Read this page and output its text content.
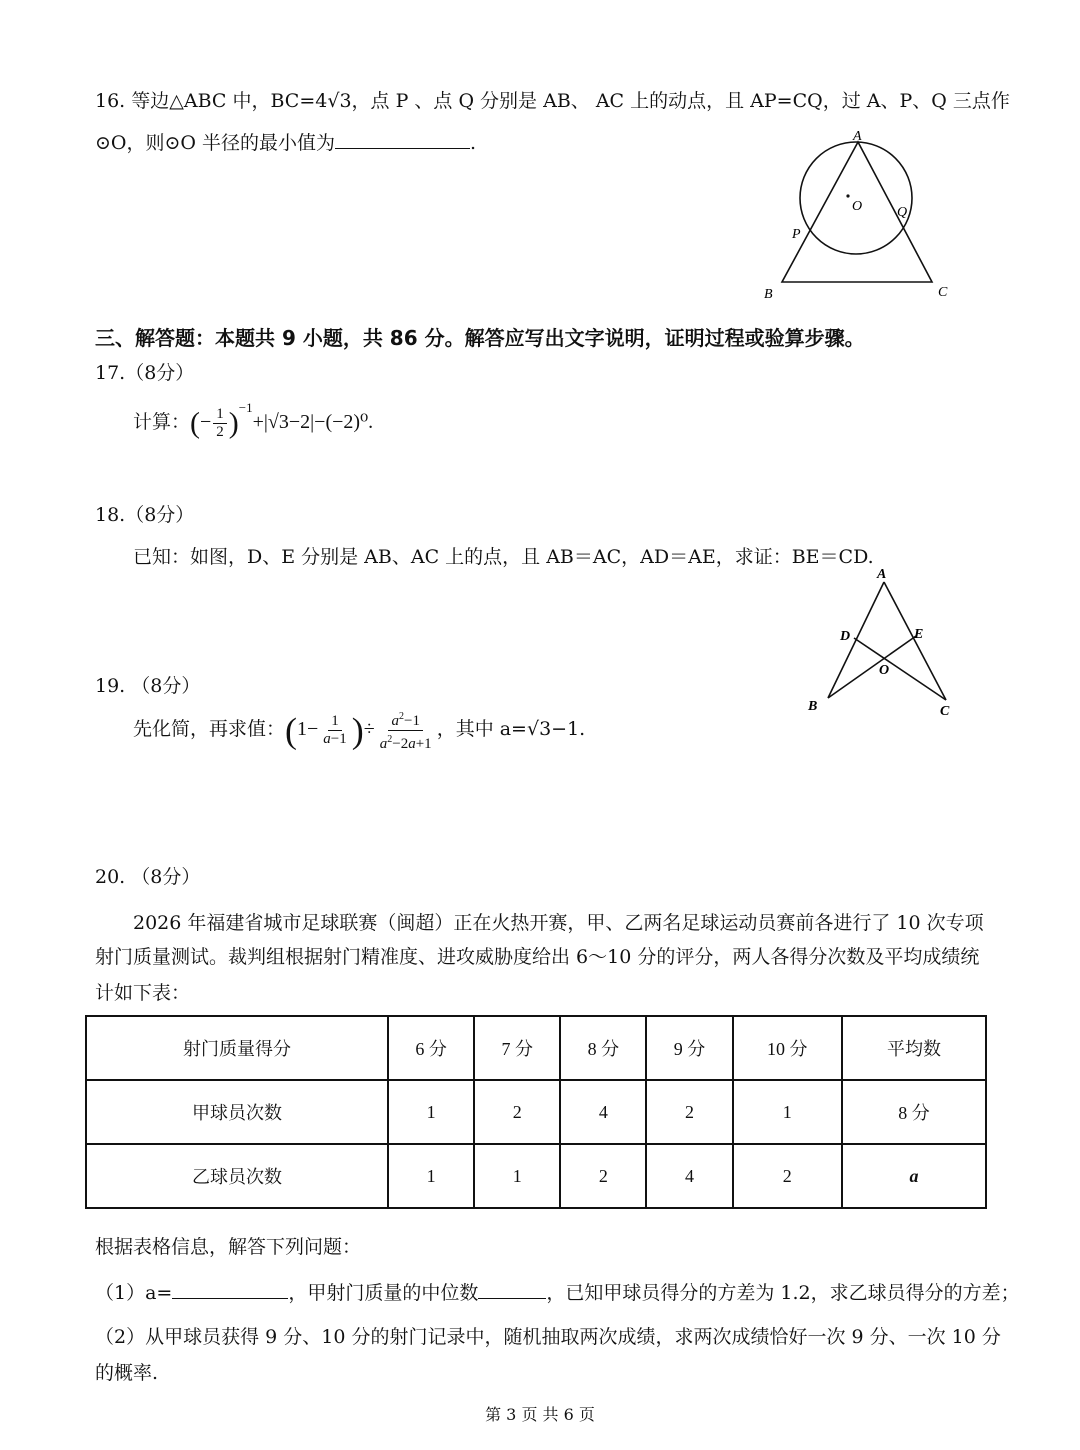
16. 等边△ABC 中，BC=4√3，点 P 、点 Q 分别是 AB、 AC 上的动点，且 AP=CQ，过 A、P、Q 三点作
⊙O，则⊙O 半径的最小值为	.	A
B	C
P
Q
O
三、解答题：本题共 9 小题，共 86 分。解答应写出文字说明，证明过程或验算步骤。
17.（8分）
计算：(− $\frac{1}{2} )^{-1}+|√3-2|-(-2)^0$.
18.（8分）
已知：如图，D、E 分别是 AB、AC 上的点，且 AB＝AC，AD＝AE，求证：BE＝CD.
A
D	E
O
B	C
19. （8分）
先化简，再求值：($1- \frac{1}{a-1}$ )÷ $\frac{a^2-1}{a^2-2a+1}$ ，其中 a=√3−1.
20. （8分）
2026 年福建省城市足球联赛（闽超）正在火热开赛，甲、乙两名足球运动员赛前各进行了 10 次专项
射门质量测试。裁判组根据射门精准度、进攻威胁度给出 6～10 分的评分，两人各得分次数及平均成绩统
计如下表：
射门质量得分	6 分	7 分	8 分	9 分	10 分	平均数
甲球员次数	1	2	4	2	1	8 分
乙球员次数	1	1	2	4	2	a
根据表格信息，解答下列问题：
（1）a=	，甲射门质量的中位数	，已知甲球员得分的方差为 1.2，求乙球员得分的方差；
（2）从甲球员获得 9 分、10 分的射门记录中，随机抽取两次成绩，求两次成绩恰好一次 9 分、一次 10 分
的概率.
第 3 页 共 6 页
